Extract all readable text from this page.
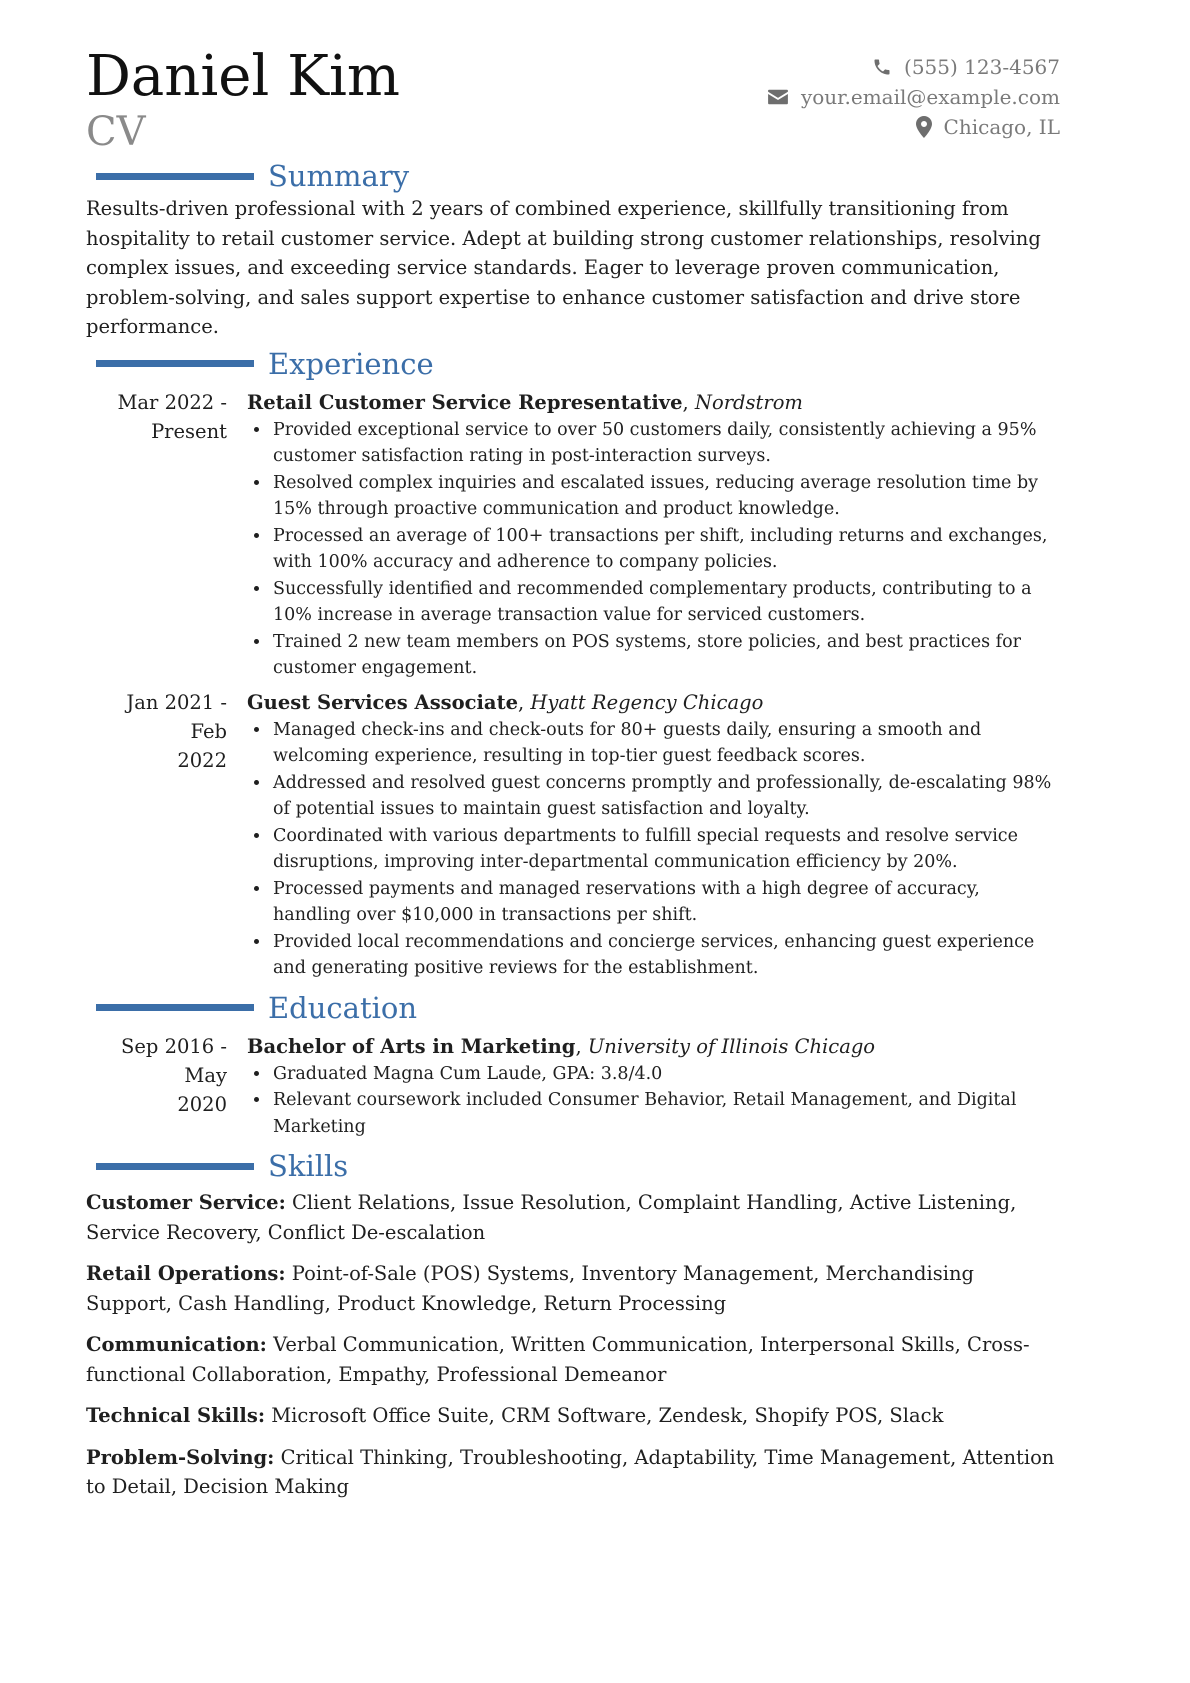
Daniel Kim
CV
(555) 123-4567
your.email@example.com
Chicago, IL
Summary

Results-driven professional with 2 years of combined experience, skillfully transitioning from hospitality to retail customer service. Adept at building strong customer relationships, resolving complex issues, and exceeding service standards. Eager to leverage proven communication, problem-solving, and sales support expertise to enhance customer satisfaction and drive store performance.

Experience
Mar 2022 -
Present
Retail Customer Service Representative, Nordstrom
• Provided exceptional service to over 50 customers daily, consistently achieving a 95% customer satisfaction rating in post-interaction surveys.
• Resolved complex inquiries and escalated issues, reducing average resolution time by 15% through proactive communication and product knowledge.
• Processed an average of 100+ transactions per shift, including returns and exchanges, with 100% accuracy and adherence to company policies.
• Successfully identified and recommended complementary products, contributing to a 10% increase in average transaction value for serviced customers.
• Trained 2 new team members on POS systems, store policies, and best practices for customer engagement.
Jan 2021 - Feb
2022
Guest Services Associate, Hyatt Regency Chicago
• Managed check-ins and check-outs for 80+ guests daily, ensuring a smooth and welcoming experience, resulting in top-tier guest feedback scores.
• Addressed and resolved guest concerns promptly and professionally, de-escalating 98% of potential issues to maintain guest satisfaction and loyalty.
• Coordinated with various departments to fulfill special requests and resolve service disruptions, improving inter-departmental communication efficiency by 20%.
• Processed payments and managed reservations with a high degree of accuracy, handling over $10,000 in transactions per shift.
• Provided local recommendations and concierge services, enhancing guest experience and generating positive reviews for the establishment.
Education
Sep 2016 - May
2020
Bachelor of Arts in Marketing, University of Illinois Chicago
• Graduated Magna Cum Laude, GPA: 3.8/4.0
• Relevant coursework included Consumer Behavior, Retail Management, and Digital Marketing
Skills
Customer Service: Client Relations, Issue Resolution, Complaint Handling, Active Listening, Service Recovery, Conflict De-escalation
Retail Operations: Point-of-Sale (POS) Systems, Inventory Management, Merchandising Support, Cash Handling, Product Knowledge, Return Processing
Communication: Verbal Communication, Written Communication, Interpersonal Skills, Cross-functional Collaboration, Empathy, Professional Demeanor
Technical Skills: Microsoft Office Suite, CRM Software, Zendesk, Shopify POS, Slack
Problem-Solving: Critical Thinking, Troubleshooting, Adaptability, Time Management, Attention to Detail, Decision Making
